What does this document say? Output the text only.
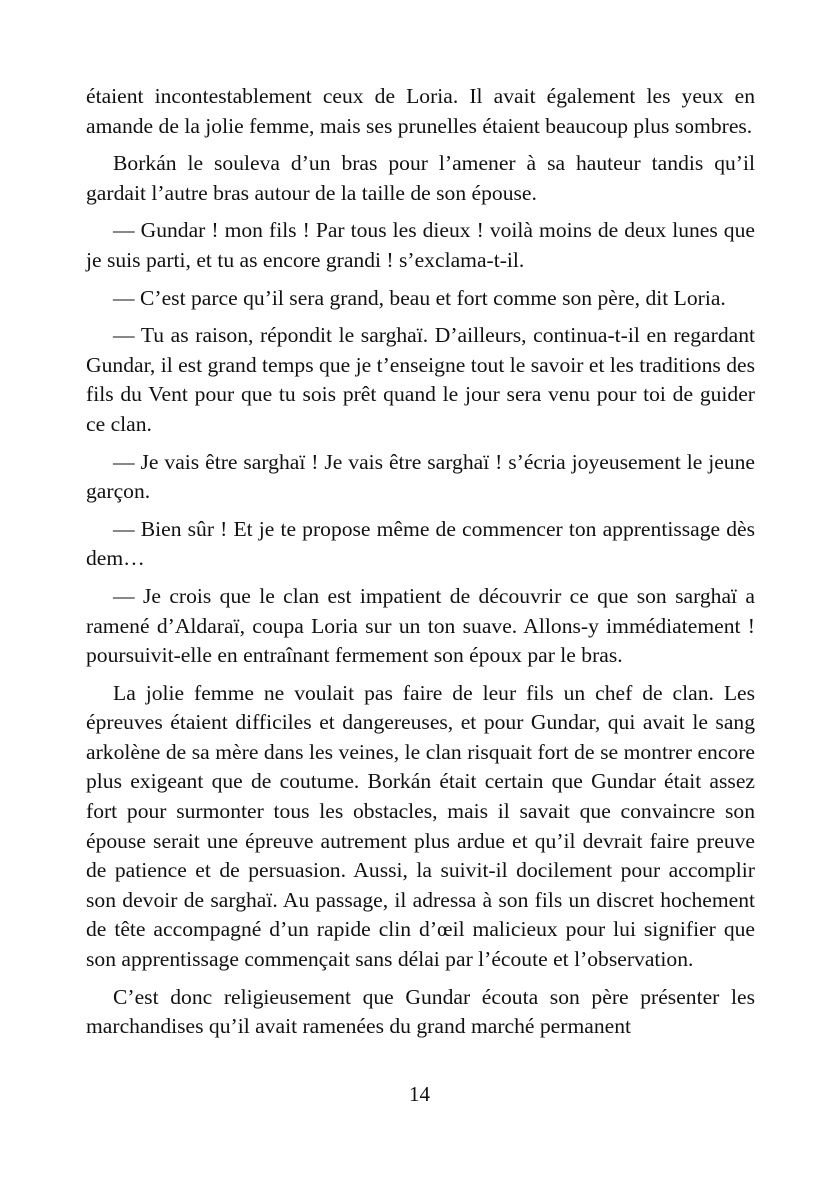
étaient incontestablement ceux de Loria. Il avait également les yeux en amande de la jolie femme, mais ses prunelles étaient beaucoup plus sombres.

Borkán le souleva d’un bras pour l’amener à sa hauteur tandis qu’il gardait l’autre bras autour de la taille de son épouse.

— Gundar ! mon fils ! Par tous les dieux ! voilà moins de deux lunes que je suis parti, et tu as encore grandi ! s’exclama-t-il.

— C’est parce qu’il sera grand, beau et fort comme son père, dit Loria.

— Tu as raison, répondit le sarghaï. D’ailleurs, continua-t-il en regardant Gundar, il est grand temps que je t’enseigne tout le savoir et les traditions des fils du Vent pour que tu sois prêt quand le jour sera venu pour toi de guider ce clan.

— Je vais être sarghaï ! Je vais être sarghaï ! s’écria joyeusement le jeune garçon.

— Bien sûr ! Et je te propose même de commencer ton apprentissage dès dem…

— Je crois que le clan est impatient de découvrir ce que son sarghaï a ramené d’Aldaraï, coupa Loria sur un ton suave. Allons-y immédiatement ! poursuivit-elle en entraînant fermement son époux par le bras.

La jolie femme ne voulait pas faire de leur fils un chef de clan. Les épreuves étaient difficiles et dangereuses, et pour Gundar, qui avait le sang arkolène de sa mère dans les veines, le clan risquait fort de se montrer encore plus exigeant que de coutume. Borkán était certain que Gundar était assez fort pour surmonter tous les obstacles, mais il savait que convaincre son épouse serait une épreuve autrement plus ardue et qu’il devrait faire preuve de patience et de persuasion. Aussi, la suivit-il docilement pour accomplir son devoir de sarghaï. Au passage, il adressa à son fils un discret hochement de tête accompagné d’un rapide clin d’œil malicieux pour lui signifier que son apprentissage commençait sans délai par l’écoute et l’observation.

C’est donc religieusement que Gundar écouta son père présenter les marchandises qu’il avait ramenées du grand marché permanent

14
